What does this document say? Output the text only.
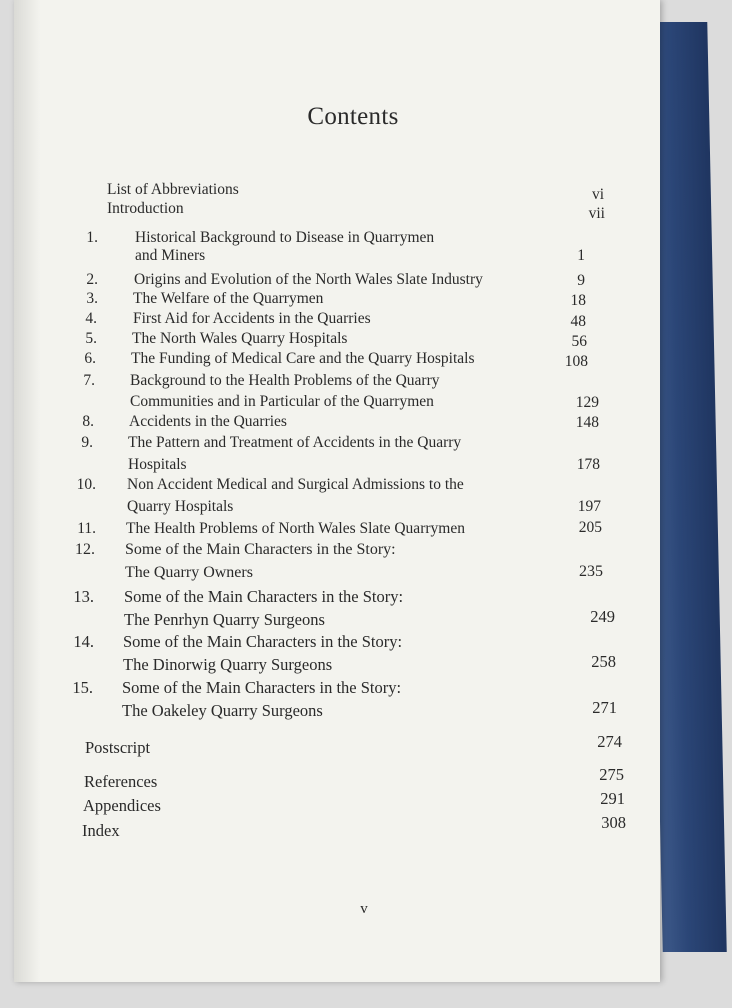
Contents
List of Abbreviations	vi
Introduction	vii
1. Historical Background to Disease in Quarrymen
and Miners	1
2. Origins and Evolution of the North Wales Slate Industry	9
3. The Welfare of the Quarrymen	18
4. First Aid for Accidents in the Quarries	48
5. The North Wales Quarry Hospitals	56
6. The Funding of Medical Care and the Quarry Hospitals	108
7. Background to the Health Problems of the Quarry
Communities and in Particular of the Quarrymen	129
8. Accidents in the Quarries	148
9. The Pattern and Treatment of Accidents in the Quarry
Hospitals	178
10. Non Accident Medical and Surgical Admissions to the
Quarry Hospitals	197
11. The Health Problems of North Wales Slate Quarrymen	205
12. Some of the Main Characters in the Story:
The Quarry Owners	235
13. Some of the Main Characters in the Story:
The Penrhyn Quarry Surgeons	249
14. Some of the Main Characters in the Story:
The Dinorwig Quarry Surgeons	258
15. Some of the Main Characters in the Story:
The Oakeley Quarry Surgeons	271
Postscript	274
References	275
Appendices	291
Index	308
v
